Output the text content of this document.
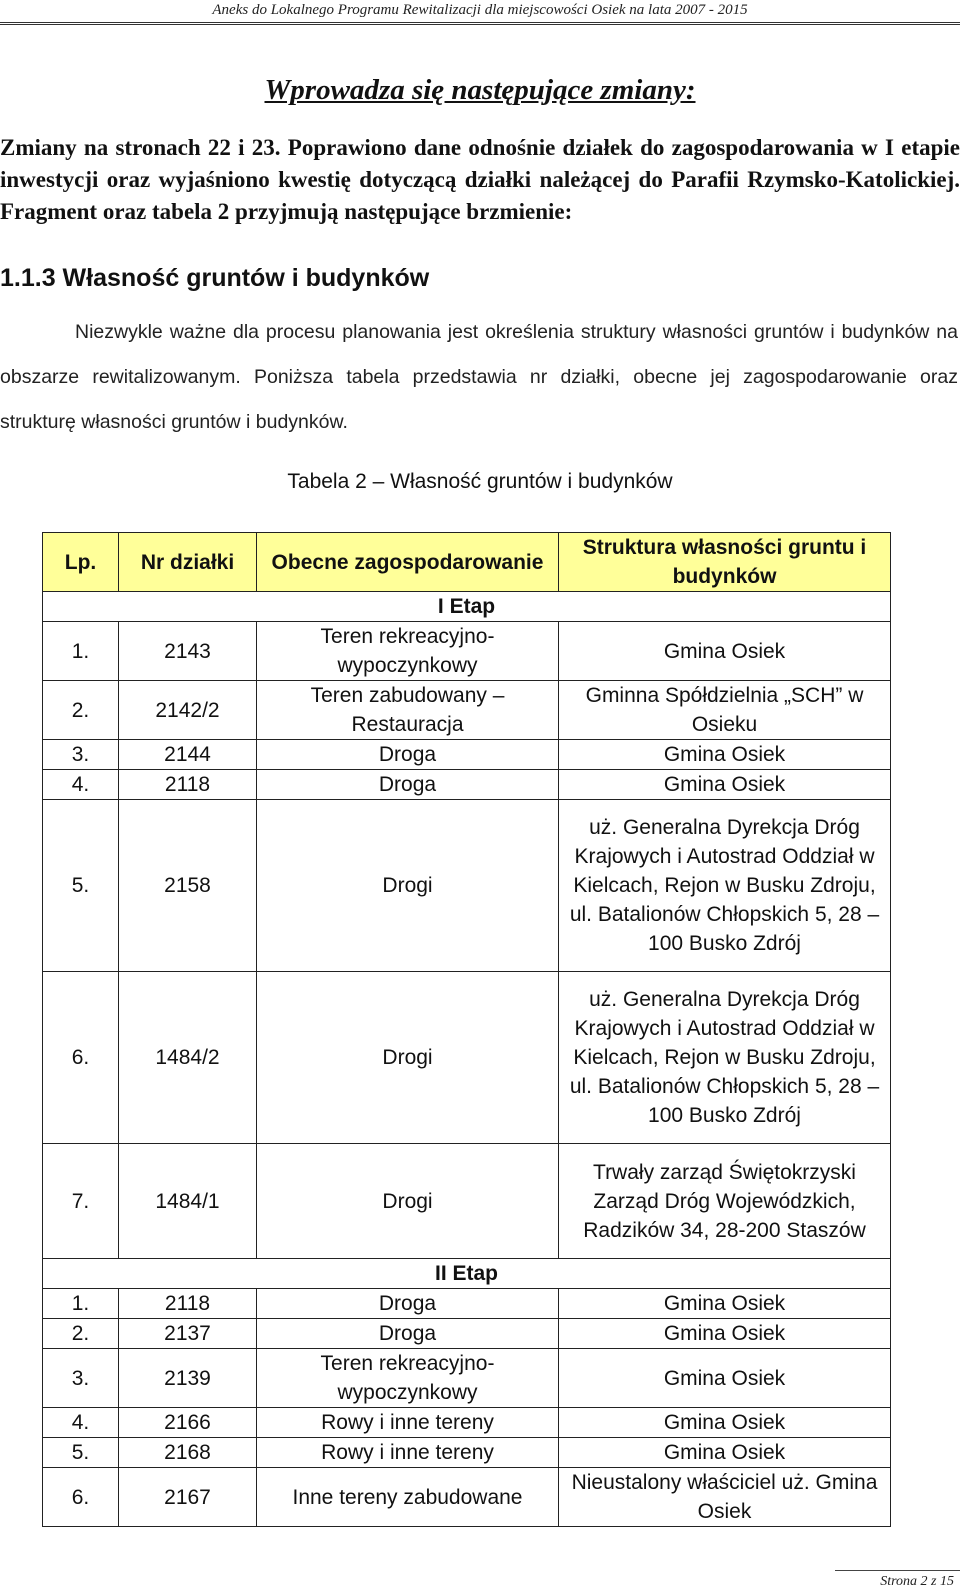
Aneks do Lokalnego Programu Rewitalizacji dla miejscowości Osiek na lata 2007 - 2015
Wprowadza się następujące zmiany:
Zmiany na stronach 22 i 23. Poprawiono dane odnośnie działek do zagospodarowania w I etapie inwestycji oraz wyjaśniono kwestię dotyczącą działki należącej do Parafii Rzymsko-Katolickiej. Fragment oraz tabela 2 przyjmują następujące brzmienie:
1.1.3 Własność gruntów i budynków
Niezwykle ważne dla procesu planowania jest określenia struktury własności gruntów i budynków na obszarze rewitalizowanym. Poniższa tabela przedstawia nr działki, obecne jej zagospodarowanie oraz strukturę własności gruntów i budynków.
Tabela 2 – Własność gruntów i budynków
Lp.	Nr działki	Obecne zagospodarowanie	Struktura własności gruntu i budynków
I Etap			
1.	2143	Teren rekreacyjno-wypoczynkowy	Gmina Osiek
2.	2142/2	Teren zabudowany – Restauracja	Gminna Spółdzielnia „SCH” w Osieku
3.	2144	Droga	Gmina Osiek
4.	2118	Droga	Gmina Osiek
5.	2158	Drogi	uż. Generalna Dyrekcja Dróg Krajowych i Autostrad Oddział w Kielcach, Rejon w Busku Zdroju, ul. Batalionów Chłopskich 5, 28 – 100 Busko Zdrój
6.	1484/2	Drogi	uż. Generalna Dyrekcja Dróg Krajowych i Autostrad Oddział w Kielcach, Rejon w Busku Zdroju, ul. Batalionów Chłopskich 5, 28 – 100 Busko Zdrój
7.	1484/1	Drogi	Trwały zarząd Świętokrzyski Zarząd Dróg Wojewódzkich, Radzików 34, 28-200 Staszów
II Etap			
1.	2118	Droga	Gmina Osiek
2.	2137	Droga	Gmina Osiek
3.	2139	Teren rekreacyjno-wypoczynkowy	Gmina Osiek
4.	2166	Rowy i inne tereny	Gmina Osiek
5.	2168	Rowy i inne tereny	Gmina Osiek
6.	2167	Inne tereny zabudowane	Nieustalony właściciel uż. Gmina Osiek
Strona 2 z 15
